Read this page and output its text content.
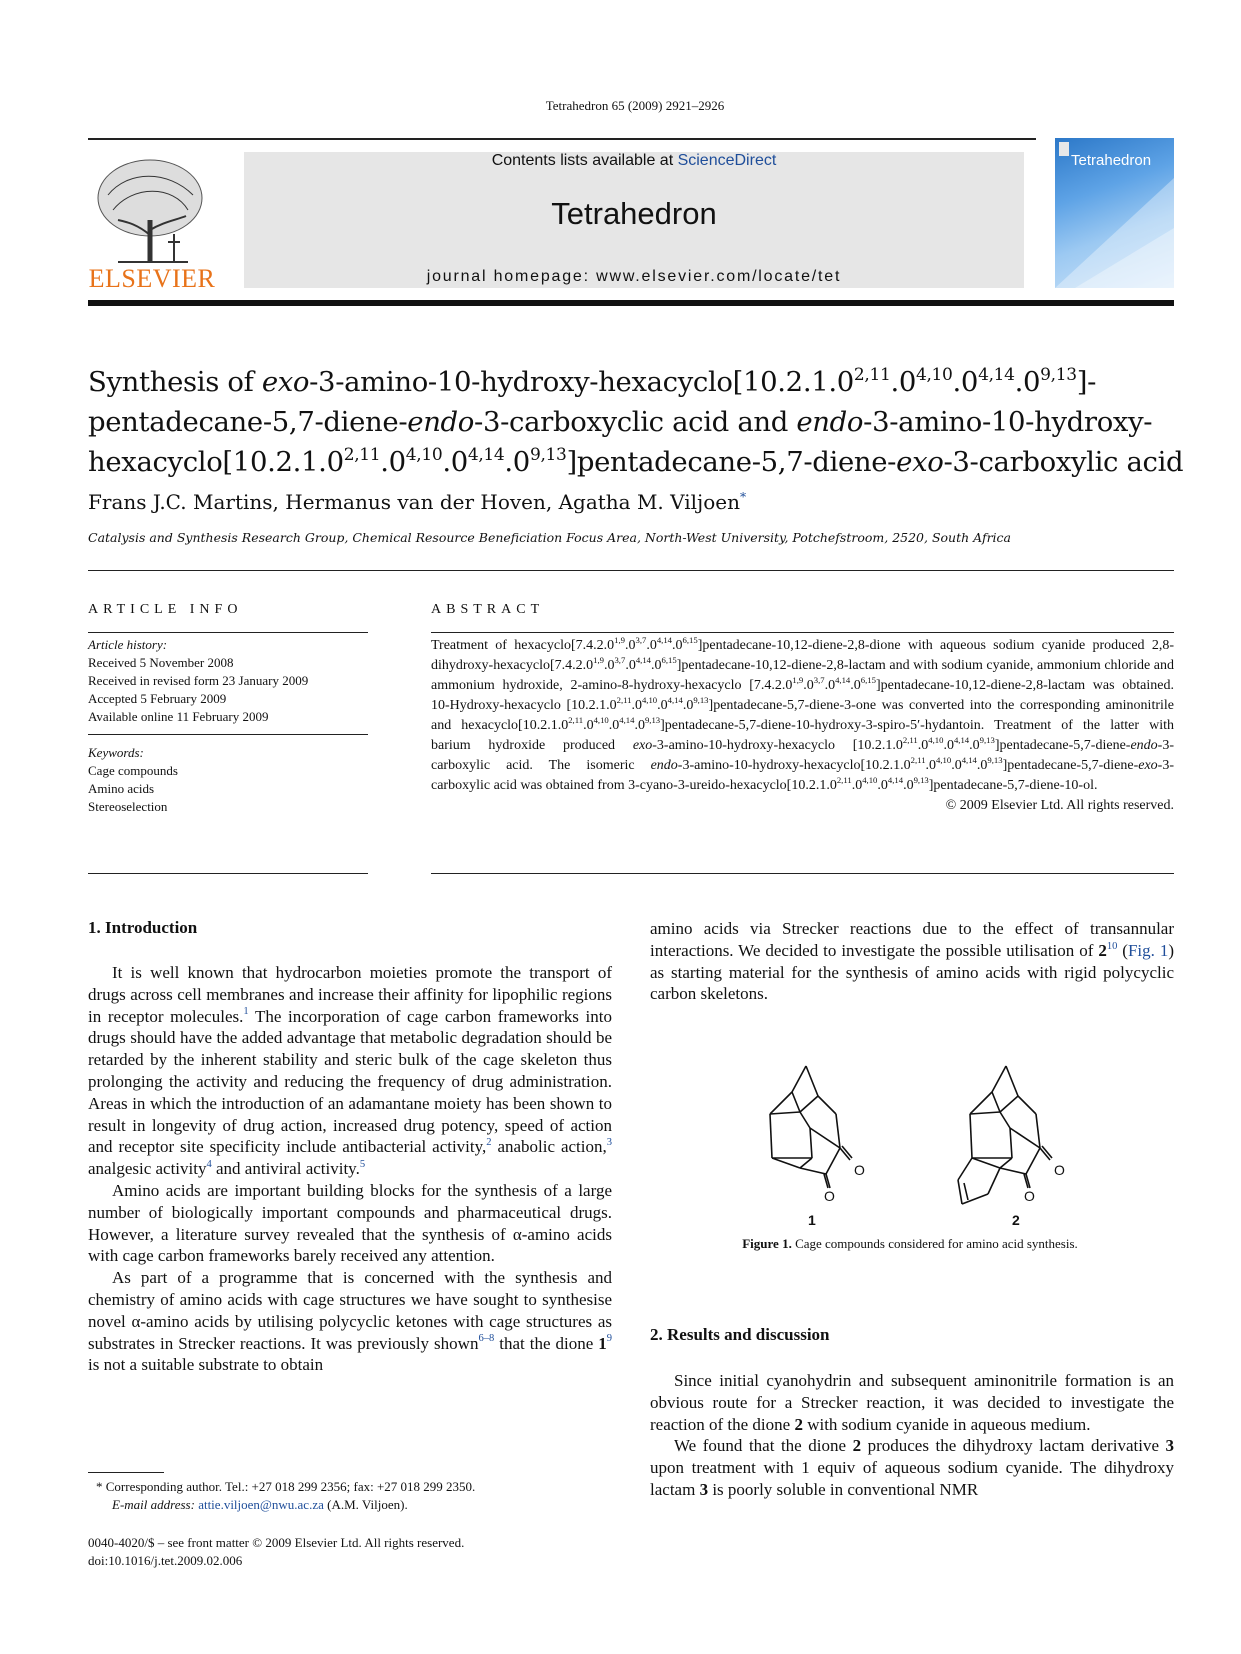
Tetrahedron 65 (2009) 2921–2926
ELSEVIER
Contents lists available at ScienceDirect
Tetrahedron
journal homepage: www.elsevier.com/locate/tet
Tetrahedron
Synthesis of exo-3-amino-10-hydroxy-hexacyclo[10.2.1.0$^{2,11}$.0$^{4,10}$.0$^{4,14}$.0$^{9,13}$]-
pentadecane-5,7-diene-endo-3-carboxyclic acid and endo-3-amino-10-hydroxy-
hexacyclo[10.2.1.0$^{2,11}$.0$^{4,10}$.0$^{4,14}$.0$^{9,13}$]pentadecane-5,7-diene-exo-3-carboxylic acid
Frans J.C. Martins, Hermanus van der Hoven, Agatha M. Viljoen*
Catalysis and Synthesis Research Group, Chemical Resource Beneficiation Focus Area, North-West University, Potchefstroom, 2520, South Africa
ARTICLE INFO
Article history:
Received 5 November 2008
Received in revised form 23 January 2009
Accepted 5 February 2009
Available online 11 February 2009
Keywords:
Cage compounds
Amino acids
Stereoselection
ABSTRACT
Treatment of hexacyclo[7.4.2.0$^{1,9}$.0$^{3,7}$.0$^{4,14}$.0$^{6,15}$]pentadecane-10,12-diene-2,8-dione with aqueous sodium cyanide produced 2,8-dihydroxy-hexacyclo[7.4.2.0$^{1,9}$.0$^{3,7}$.0$^{4,14}$.0$^{6,15}$]pentadecane-10,12-diene-2,8-lactam and with sodium cyanide, ammonium chloride and ammonium hydroxide, 2-amino-8-hydroxy-hexacyclo [7.4.2.0$^{1,9}$.0$^{3,7}$.0$^{4,14}$.0$^{6,15}$]pentadecane-10,12-diene-2,8-lactam was obtained. 10-Hydroxy-hexacyclo [10.2.1.0$^{2,11}$.0$^{4,10}$.0$^{4,14}$.0$^{9,13}$]pentadecane-5,7-diene-3-one was converted into the corresponding aminonitrile and hexacyclo[10.2.1.0$^{2,11}$.0$^{4,10}$.0$^{4,14}$.0$^{9,13}$]pentadecane-5,7-diene-10-hydroxy-3-spiro-5′-hydantoin. Treatment of the latter with barium hydroxide produced exo-3-amino-10-hydroxy-hexacyclo [10.2.1.0$^{2,11}$.0$^{4,10}$.0$^{4,14}$.0$^{9,13}$]pentadecane-5,7-diene-endo-3-carboxylic acid. The isomeric endo-3-amino-10-hydroxy-hexacyclo[10.2.1.0$^{2,11}$.0$^{4,10}$.0$^{4,14}$.0$^{9,13}$]pentadecane-5,7-diene-exo-3-carboxylic acid was obtained from 3-cyano-3-ureido-hexacyclo[10.2.1.0$^{2,11}$.0$^{4,10}$.0$^{4,14}$.0$^{9,13}$]pentadecane-5,7-diene-10-ol.
© 2009 Elsevier Ltd. All rights reserved.
1. Introduction

It is well known that hydrocarbon moieties promote the transport of drugs across cell membranes and increase their affinity for lipophilic regions in receptor molecules.$^1$ The incorporation of cage carbon frameworks into drugs should have the added advantage that metabolic degradation should be retarded by the inherent stability and steric bulk of the cage skeleton thus prolonging the activity and reducing the frequency of drug administration. Areas in which the introduction of an adamantane moiety has been shown to result in longevity of drug action, increased drug potency, speed of action and receptor site specificity include antibacterial activity,$^2$ anabolic action,$^3$ analgesic activity$^4$ and antiviral activity.$^5$

Amino acids are important building blocks for the synthesis of a large number of biologically important compounds and pharmaceutical drugs. However, a literature survey revealed that the synthesis of α-amino acids with cage carbon frameworks barely received any attention.

As part of a programme that is concerned with the synthesis and chemistry of amino acids with cage structures we have sought to synthesise novel α-amino acids by utilising polycyclic ketones with cage structures as substrates in Strecker reactions. It was previously shown$^{6-8}$ that the dione $1^9$ is not a suitable substrate to obtain

amino acids via Strecker reactions due to the effect of transannular interactions. We decided to investigate the possible utilisation of $2^{10}$ (Fig. 1) as starting material for the synthesis of amino acids with rigid polycyclic carbon skeletons.

O
O
O
O
1	2
Figure 1. Cage compounds considered for amino acid synthesis.
2. Results and discussion

Since initial cyanohydrin and subsequent aminonitrile formation is an obvious route for a Strecker reaction, it was decided to investigate the reaction of the dione 2 with sodium cyanide in aqueous medium.

We found that the dione 2 produces the dihydroxy lactam derivative 3 upon treatment with 1 equiv of aqueous sodium cyanide. The dihydroxy lactam 3 is poorly soluble in conventional NMR

* Corresponding author. Tel.: +27 018 299 2356; fax: +27 018 299 2350.
E-mail address: attie.viljoen@nwu.ac.za (A.M. Viljoen).
0040-4020/$ – see front matter © 2009 Elsevier Ltd. All rights reserved.
doi:10.1016/j.tet.2009.02.006
